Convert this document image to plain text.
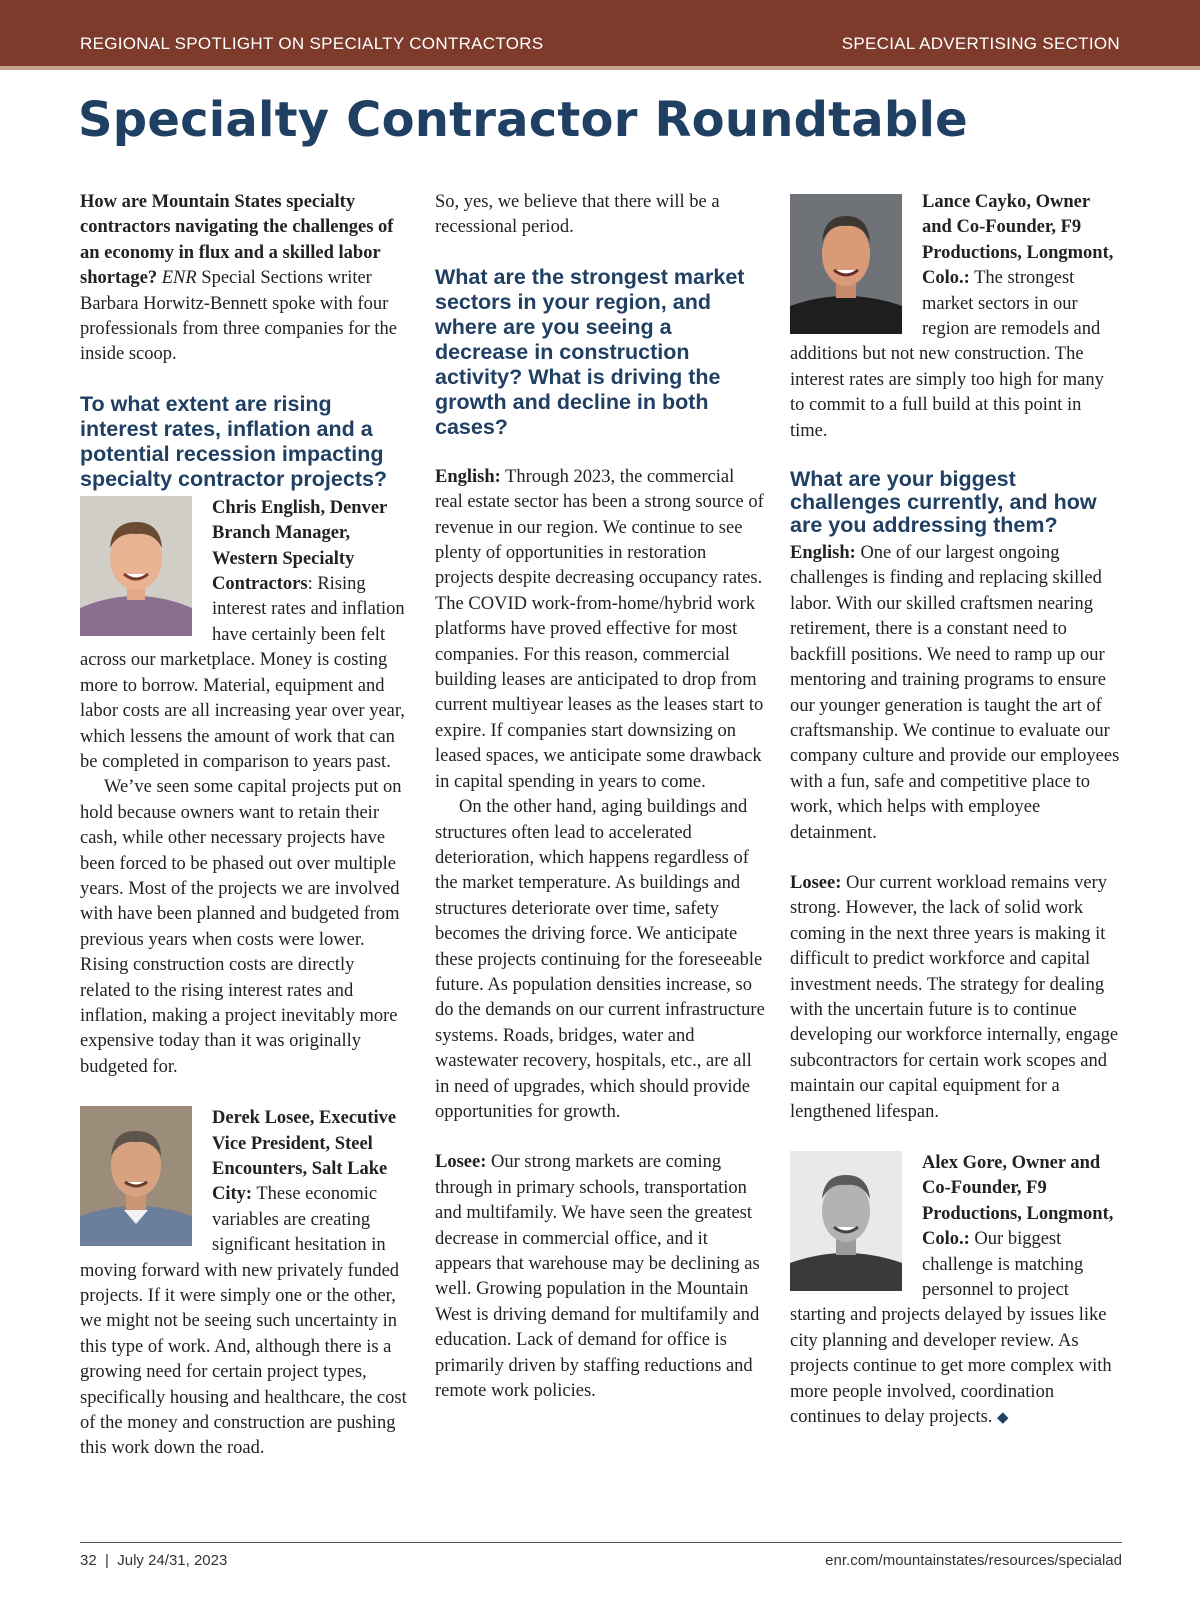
REGIONAL SPOTLIGHT ON SPECIALTY CONTRACTORS	SPECIAL ADVERTISING SECTION
Specialty Contractor Roundtable

How are Mountain States specialty contractors navigating the challenges of an economy in flux and a skilled labor shortage? ENR Special Sections writer Barbara Horwitz-Bennett spoke with four professionals from three companies for the inside scoop.

To what extent are rising interest rates, inflation and a potential recession impacting specialty contractor projects?

Chris English, Denver Branch Manager, Western Specialty Contractors: Rising interest rates and inflation have certainly been felt across our marketplace. Money is costing more to borrow. Material, equipment and labor costs are all increasing year over year, which lessens the amount of work that can be completed in comparison to years past.

We’ve seen some capital projects put on hold because owners want to retain their cash, while other necessary projects have been forced to be phased out over multiple years. Most of the projects we are involved with have been planned and budgeted from previous years when costs were lower. Rising construction costs are directly related to the rising interest rates and inflation, making a project inevitably more expensive today than it was originally budgeted for.

Derek Losee, Executive Vice President, Steel Encounters, Salt Lake City: These economic variables are creating significant hesitation in moving forward with new privately funded projects. If it were simply one or the other, we might not be seeing such uncertainty in this type of work. And, although there is a growing need for certain project types, specifically housing and healthcare, the cost of the money and construction are pushing this work down the road.

So, yes, we believe that there will be a recessional period.

What are the strongest market sectors in your region, and where are you seeing a decrease in construction activity? What is driving the growth and decline in both cases?

English: Through 2023, the commercial real estate sector has been a strong source of revenue in our region. We continue to see plenty of opportunities in restoration projects despite decreasing occupancy rates. The COVID work-from-home/hybrid work platforms have proved effective for most companies. For this reason, commercial building leases are anticipated to drop from current multiyear leases as the leases start to expire. If companies start downsizing on leased spaces, we anticipate some drawback in capital spending in years to come.

On the other hand, aging buildings and structures often lead to accelerated deterioration, which happens regardless of the market temperature. As buildings and structures deteriorate over time, safety becomes the driving force. We anticipate these projects continuing for the foreseeable future. As population densities increase, so do the demands on our current infrastructure systems. Roads, bridges, water and wastewater recovery, hospitals, etc., are all in need of upgrades, which should provide opportunities for growth.

Losee: Our strong markets are coming through in primary schools, transportation and multifamily. We have seen the greatest decrease in commercial office, and it appears that warehouse may be declining as well. Growing population in the Mountain West is driving demand for multifamily and education. Lack of demand for office is primarily driven by staffing reductions and remote work policies.

Lance Cayko, Owner and Co-Founder, F9 Productions, Longmont, Colo.: The strongest market sectors in our region are remodels and additions but not new construction. The interest rates are simply too high for many to commit to a full build at this point in time.

What are your biggest challenges currently, and how are you addressing them?

English: One of our largest ongoing challenges is finding and replacing skilled labor. With our skilled craftsmen nearing retirement, there is a constant need to backfill positions. We need to ramp up our mentoring and training programs to ensure our younger generation is taught the art of craftsmanship. We continue to evaluate our company culture and provide our employees with a fun, safe and competitive place to work, which helps with employee detainment.

Losee: Our current workload remains very strong. However, the lack of solid work coming in the next three years is making it difficult to predict workforce and capital investment needs. The strategy for dealing with the uncertain future is to continue developing our workforce internally, engage subcontractors for certain work scopes and maintain our capital equipment for a lengthened lifespan.

Alex Gore, Owner and Co-Founder, F9 Productions, Longmont, Colo.: Our biggest challenge is matching personnel to project starting and projects delayed by issues like city planning and developer review. As projects continue to get more complex with more people involved, coordination continues to delay projects. ◆

32  |  July 24/31, 2023	enr.com/mountainstates/resources/specialad
